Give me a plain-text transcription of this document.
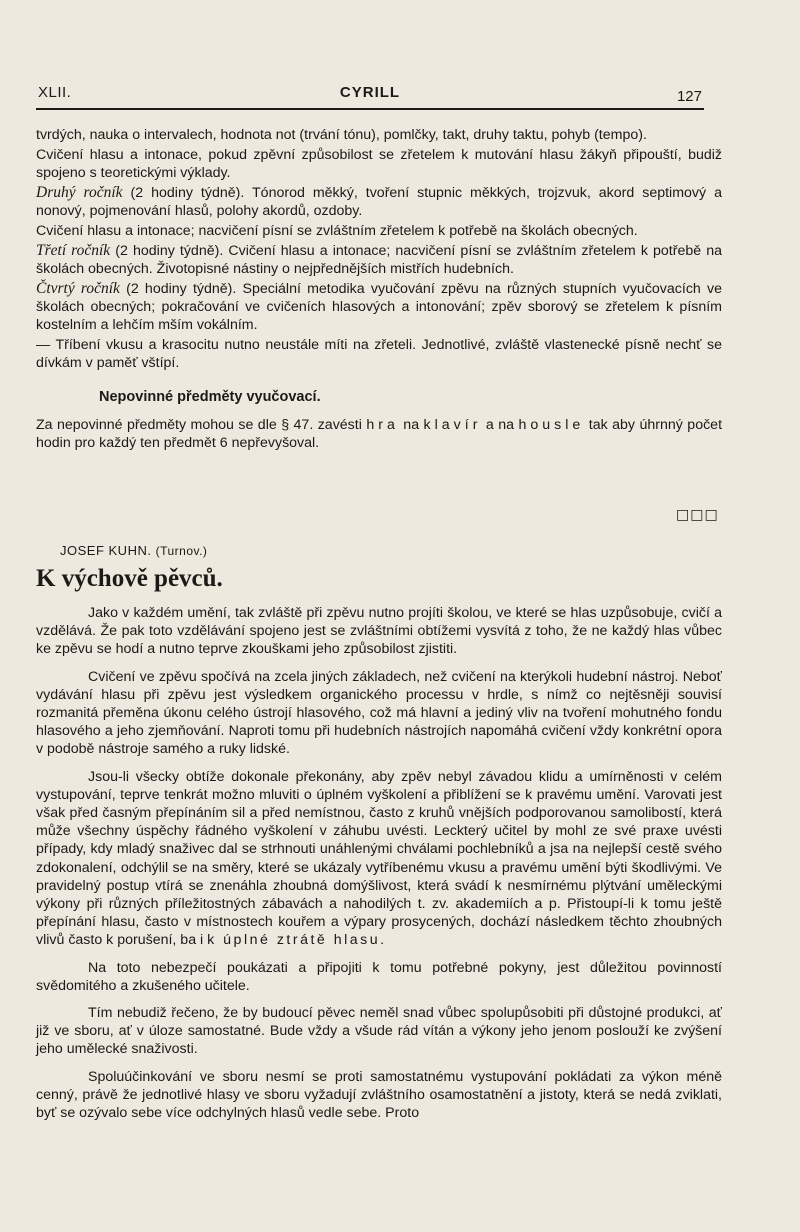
XLII.	CYRILL	127

tvrdých, nauka o intervalech, hodnota not (trvání tónu), pomlčky, takt, druhy taktu, pohyb (tempo).

Cvičení hlasu a intonace, pokud zpěvní způsobilost se zřetelem k mutování hlasu žákyň připouští, budiž spojeno s teoretickými výklady.

Druhý ročník (2 hodiny týdně). Tónorod měkký, tvoření stupnic měkkých, trojzvuk, akord septimový a nonový, pojmenování hlasů, polohy akordů, ozdoby.

Cvičení hlasu a intonace; nacvičení písní se zvláštním zřetelem k potřebě na školách obecných.

Třetí ročník (2 hodiny týdně). Cvičení hlasu a intonace; nacvičení písní se zvláštním zřetelem k potřebě na školách obecných. Životopisné nástiny o nejpřednějších mistřích hudebních.

Čtvrtý ročník (2 hodiny týdně). Speciální metodika vyučování zpěvu na různých stupních vyučovacích ve školách obecných; pokračování ve cvičeních hlasových a intonování; zpěv sborový se zřetelem k písním kostelním a lehčím mším vokálním.

— Tříbení vkusu a krasocitu nutno neustále míti na zřeteli. Jednotlivé, zvláště vlastenecké písně nechť se dívkám v paměť vštípí.

Nepovinné předměty vyučovací.

Za nepovinné předměty mohou se dle § 47. zavésti hra na klavír a na housle tak aby úhrnný počet hodin pro každý ten předmět 6 nepřevyšoval.

□□□
JOSEF KUHN. (Turnov.)
K výchově pěvců.

Jako v každém umění, tak zvláště při zpěvu nutno projíti školou, ve které se hlas uzpůsobuje, cvičí a vzdělává. Že pak toto vzdělávání spojeno jest se zvláštními obtížemi vysvítá z toho, že ne každý hlas vůbec ke zpěvu se hodí a nutno teprve zkouškami jeho způsobilost zjistiti.

Cvičení ve zpěvu spočívá na zcela jiných základech, než cvičení na kterýkoli hudební nástroj. Neboť vydávání hlasu při zpěvu jest výsledkem organického processu v hrdle, s nímž co nejtěsněji souvisí rozmanitá přeměna úkonu celého ústrojí hlasového, což má hlavní a jediný vliv na tvoření mohutného fondu hlasového a jeho zjemňování. Naproti tomu při hudebních nástrojích napomáhá cvičení vždy konkrétní opora v podobě nástroje samého a ruky lidské.

Jsou-li všecky obtíže dokonale překonány, aby zpěv nebyl závadou klidu a umírněnosti v celém vystupování, teprve tenkrát možno mluviti o úplném vyškolení a přiblížení se k pravému umění. Varovati jest však před časným přepínáním sil a před nemístnou, často z kruhů vnějších podporovanou samolibostí, která může všechny úspěchy řádného vyškolení v záhubu uvésti. Leckterý učitel by mohl ze své praxe uvésti případy, kdy mladý snaživec dal se strhnouti unáhlenými chválami pochlebníků a jsa na nejlepší cestě svého zdokonalení, odchýlil se na směry, které se ukázaly vytříbenému vkusu a pravému umění býti škodlivými. Ve pravidelný postup vtírá se znenáhla zhoubná domýšlivost, která svádí k nesmírnému plýtvání uměleckými výkony při různých příležitostných zábavách a nahodilých t. zv. akademiích a p. Přistoupí-li k tomu ještě přepínání hlasu, často v místnostech kouřem a výpary prosycených, dochází následkem těchto zhoubných vlivů často k porušení, ba i k úplné ztrátě hlasu.

Na toto nebezpečí poukázati a připojiti k tomu potřebné pokyny, jest důležitou povinností svědomitého a zkušeného učitele.

Tím nebudiž řečeno, že by budoucí pěvec neměl snad vůbec spolupůsobiti při důstojné produkci, ať již ve sboru, ať v úloze samostatné. Bude vždy a všude rád vítán a výkony jeho jenom poslouží ke zvýšení jeho umělecké snaživosti.

Spoluúčinkování ve sboru nesmí se proti samostatnému vystupování pokládati za výkon méně cenný, právě že jednotlivé hlasy ve sboru vyžadují zvláštního osamostatnění a jistoty, která se nedá zviklati, byť se ozývalo sebe více odchylných hlasů vedle sebe. Proto
